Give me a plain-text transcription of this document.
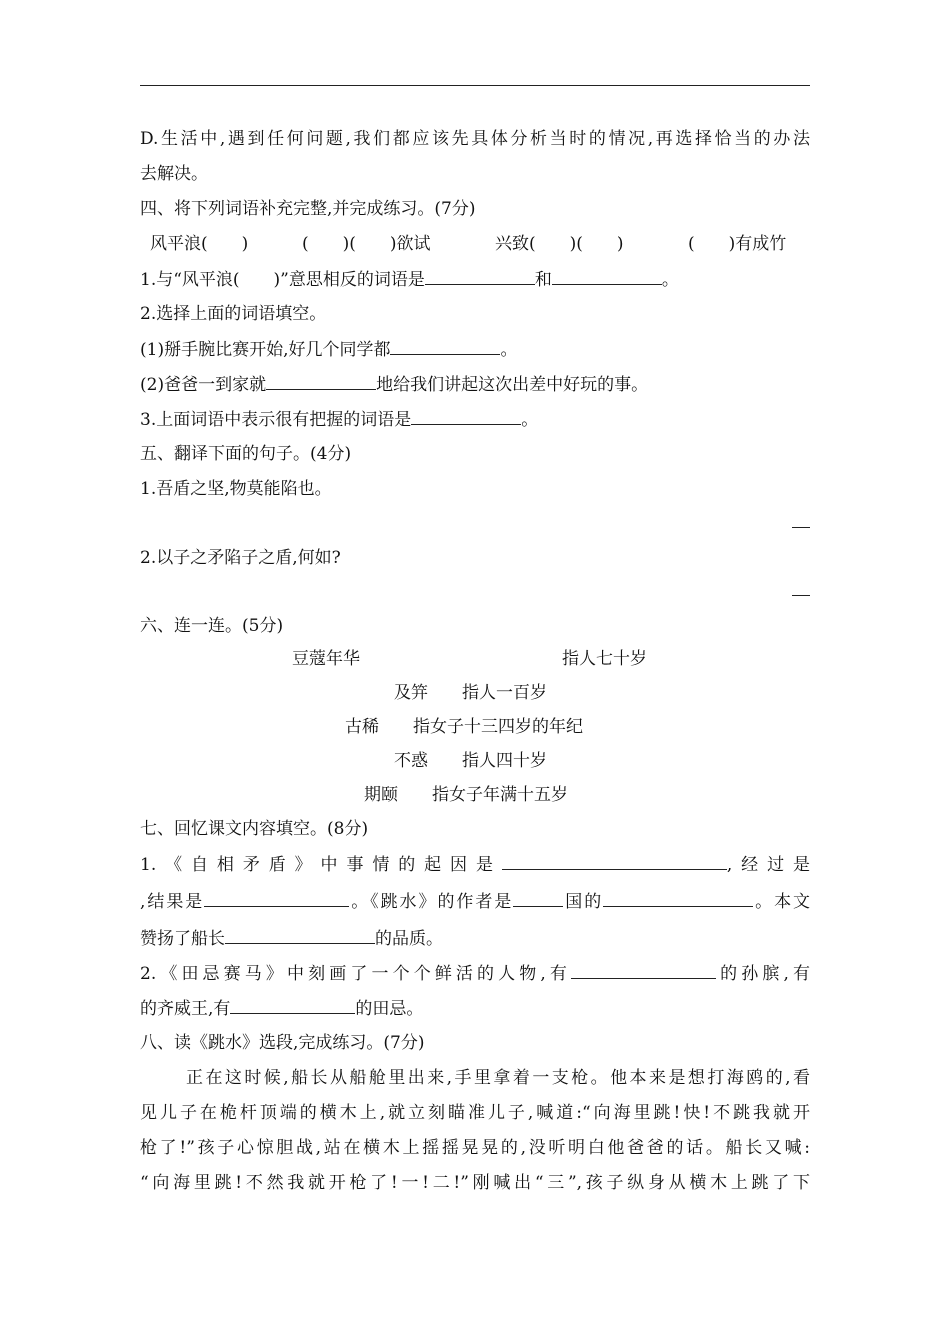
D.生活中,遇到任何问题,我们都应该先具体分析当时的情况,再选择恰当的办法
去解决。
四、将下列词语补充完整,并完成练习。(7分)
风平浪(　　)	(　　)(　　)欲试	兴致(　　)(　　)	(　　)有成竹
1.与“风平浪(　　)”意思相反的词语是	和	。
2.选择上面的词语填空。
(1)掰手腕比赛开始,好几个同学都	。
(2)爸爸一到家就	地给我们讲起这次出差中好玩的事。
3.上面词语中表示很有把握的词语是	。
五、翻译下面的句子。(4分)
1.吾盾之坚,物莫能陷也。
2.以子之矛陷子之盾,何如?
六、连一连。(5分)
豆蔻年华	指人七十岁
及笄 指人一百岁
古稀 指女子十三四岁的年纪
不惑 指人四十岁
期颐 指女子年满十五岁
七、回忆课文内容填空。(8分)
1.《自相矛盾》中事情的起因是	,经过是
,结果是	。《跳水》的作者是	国的	。本文
赞扬了船长	的品质。
2.《田忌赛马》中刻画了一个个鲜活的人物,有	的孙膑,有
的齐威王,有	的田忌。
八、读《跳水》选段,完成练习。(7分)
正在这时候,船长从船舱里出来,手里拿着一支枪。他本来是想打海鸥的,看
见儿子在桅杆顶端的横木上,就立刻瞄准儿子,喊道:“向海里跳!快!不跳我就开
枪了!”孩子心惊胆战,站在横木上摇摇晃晃的,没听明白他爸爸的话。船长又喊:
“向海里跳!不然我就开枪了!一!二!”刚喊出“三”,孩子纵身从横木上跳了下
